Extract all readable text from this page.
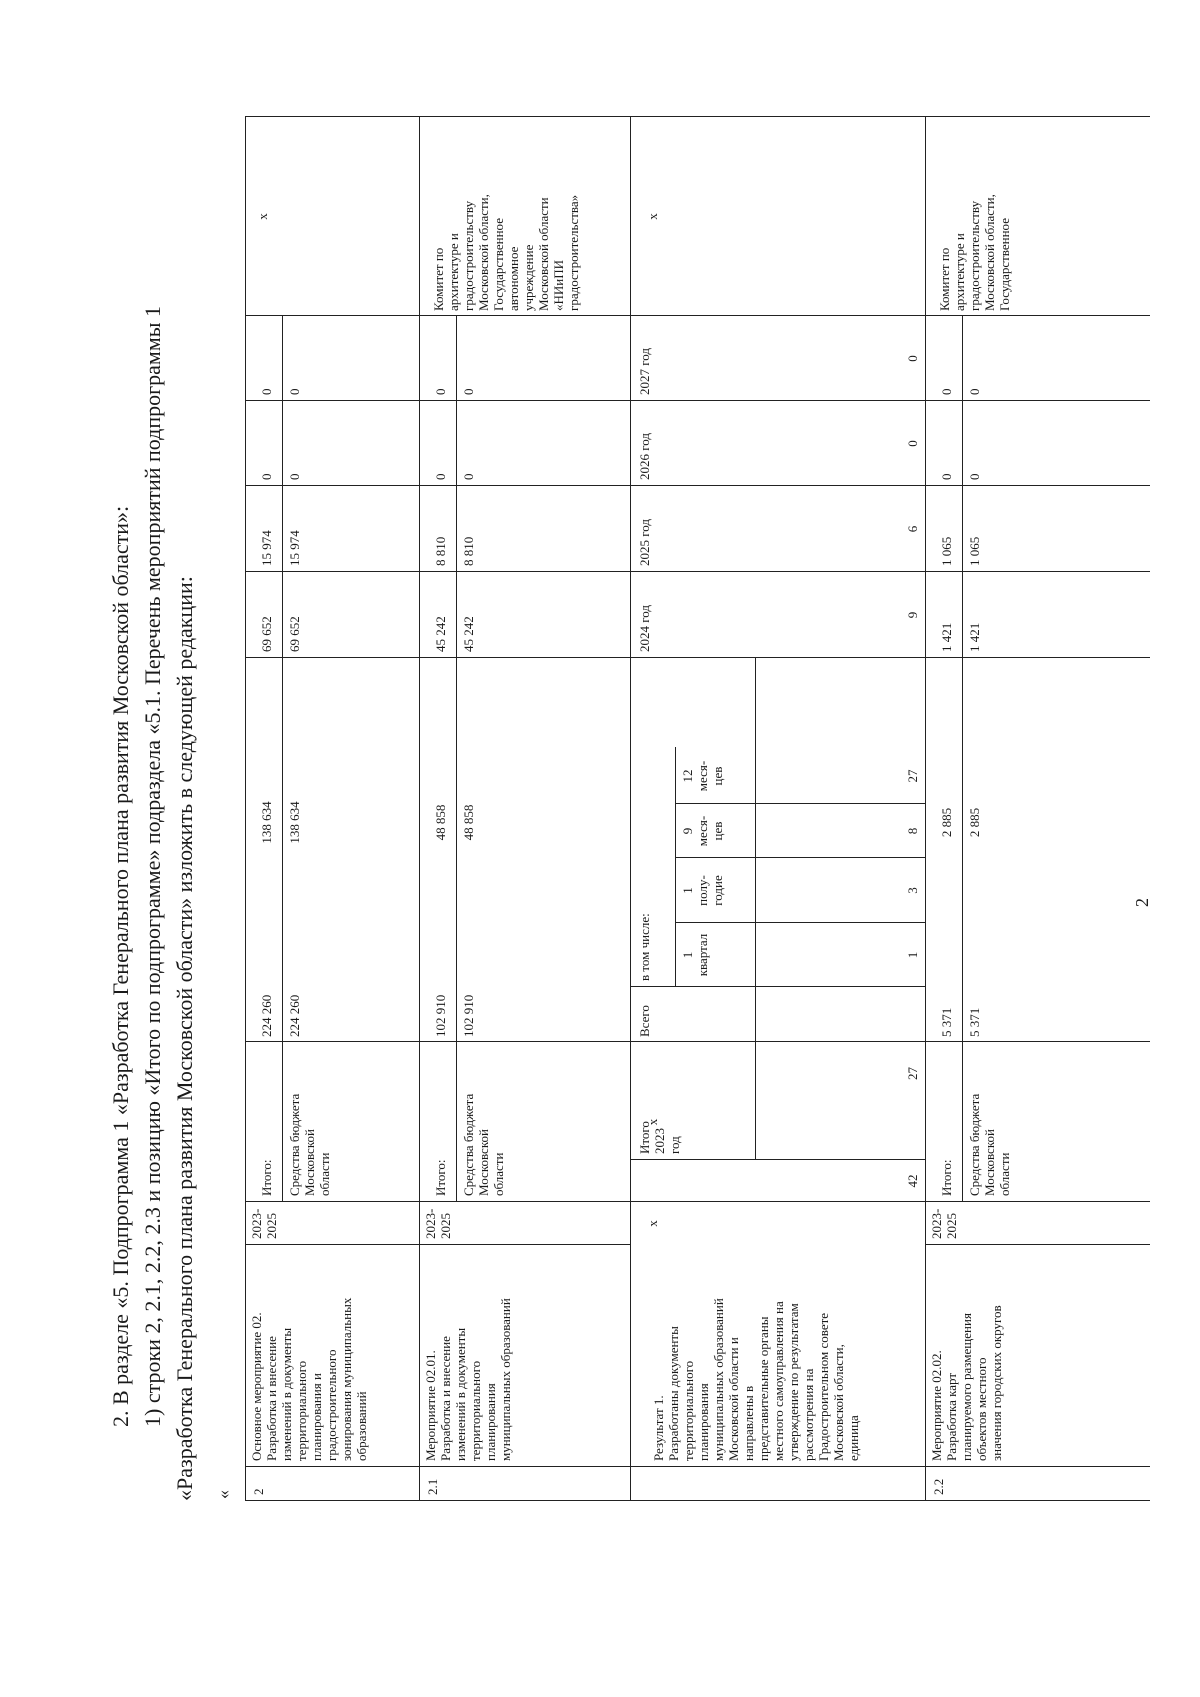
2
2. В разделе «5. Подпрограмма 1 «Разработка Генерального плана развития Московской области»: 1) строки 2, 2.1, 2.2, 2.3 и позицию «Итого по подпрограмме» подраздела «5.1. Перечень мероприятий подпрограммы 1 «Разработка Генерального плана развития Московской области» изложить в следующей редакции: « 2
Основное мероприятие 02.
Разработка и внесение
изменений в документы
территориального
планирования и
градостроительного
зонирования муниципальных
образований
2023-
2025
Итого: Средства бюджета
Московской
области
224 260 224 260
138 634 138 634
69 652 69 652
15 974 15 974
0 0
0 0
х
2.1
Мероприятие 02.01.
Разработка и внесение
изменений в документы
территориального
планирования
муниципальных образований
2023-
2025
Итого: Средства бюджета
Московской
области
102 910 102 910
48 858 48 858
45 242 45 242
8 810 8 810
0 0
0 0
Комитет по
архитектуре и
градостроительству
Московской области,
Государственное
автономное
учреждение
Московской области
«НИиПИ
градостроительства»
Результат 1.
Разработаны документы
территориального
планирования
муниципальных образований
Московской области и
направлены в
представительные органы
местного самоуправления на
утверждение по результатам
рассмотрения на
Градостроительном совете
Московской области,
единица
х
х
Всего
в том числе: 1
квартал
1
полу-
годие
9
меся-
цев
12
меся-
цев
2024 год
2025 год
2026 год
2027 год
х
42
27
1
3
8
27
9
6
0
0
2.2
Мероприятие 02.02.
Разработка карт
планируемого размещения
объектов местного
значения городских округов
2023-
2025
Итого: Средства бюджета
Московской
области
5 371 5 371
2 885 2 885
1 421 1 421
1 065 1 065
0 0
0 0
Комитет по
архитектуре и
градостроительству
Московской области,
Государственное
Итого
2023
год
